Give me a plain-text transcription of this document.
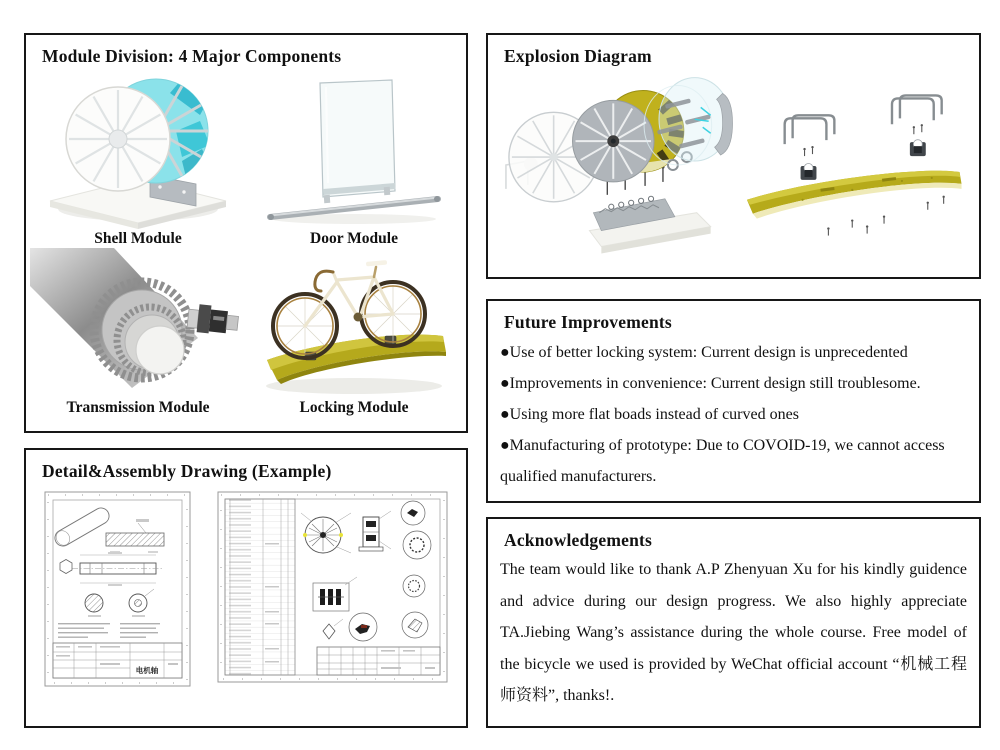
Module Division: 4 Major Components
Shell Module	Door Module
Transmission Module	Locking Module
Explosion Diagram
Future Improvements
●Use of better locking system: Current design is unprecedented
●Improvements in convenience: Current design still troublesome.
●Using more flat boads instead of curved ones
●Manufacturing of prototype: Due to COVOID-19, we cannot access qualified manufacturers.
Acknowledgements

The team would like to thank A.P Zhenyuan Xu for his kindly guidence and advice during our design progress. We also highly appreciate TA.Jiebing Wang’s assistance during the whole course. Free model of the bicycle we used is provided by WeChat official account “机械工程师资料”, thanks!.

Detail&Assembly Drawing (Example)
电机轴
